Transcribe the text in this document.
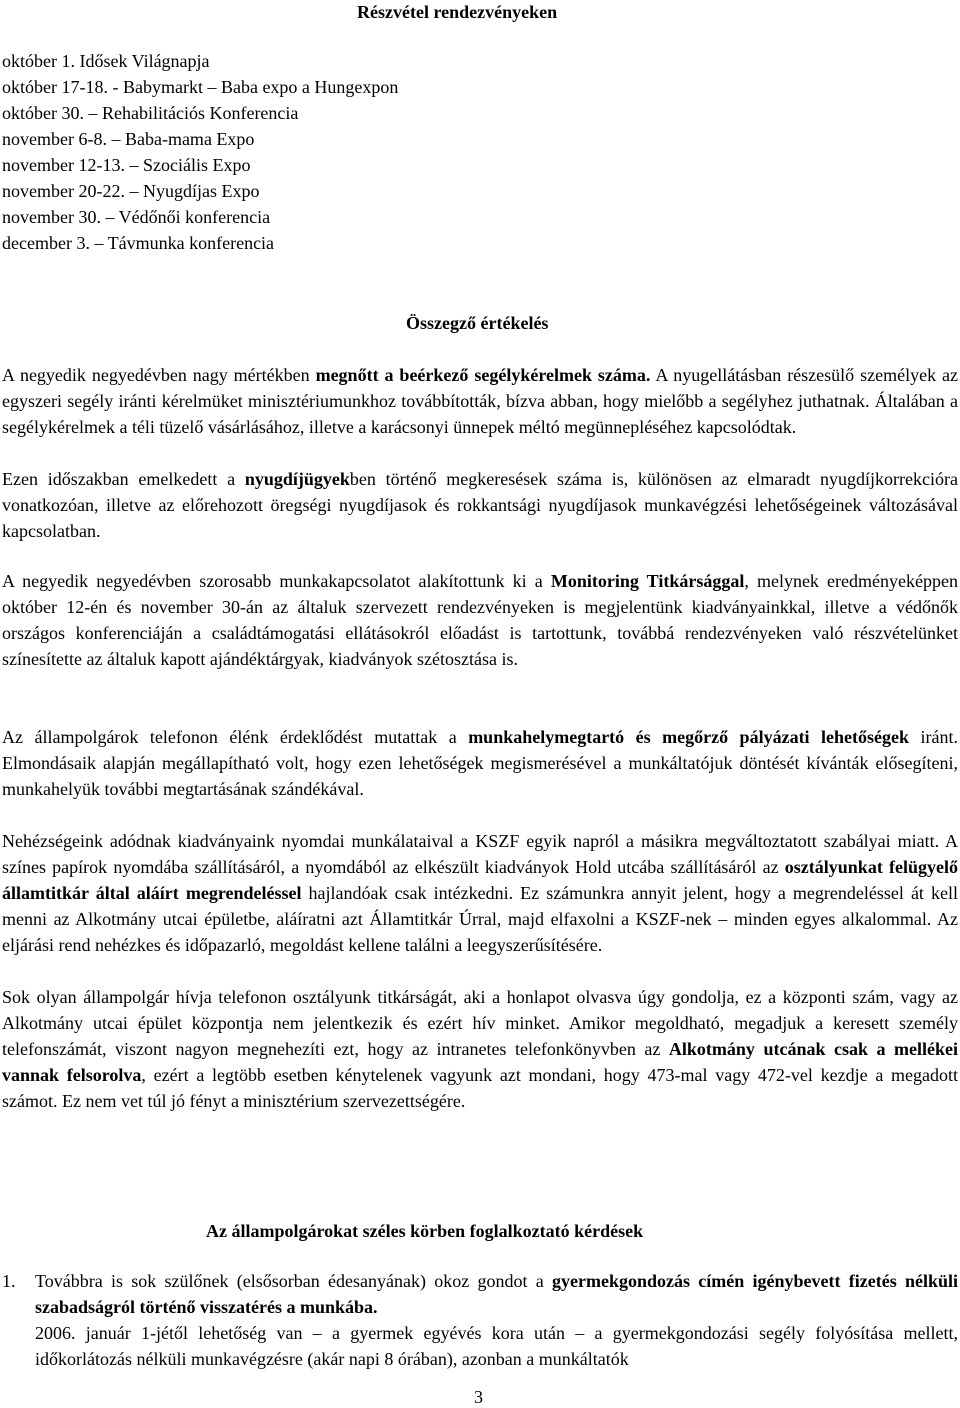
Részvétel rendezvényeken
október 1. Idősek Világnapja
október 17-18. - Babymarkt – Baba expo a Hungexpon
október 30. – Rehabilitációs Konferencia
november 6-8. – Baba-mama Expo
november 12-13. – Szociális Expo
november 20-22. – Nyugdíjas Expo
november 30. – Védőnői konferencia
december 3. – Távmunka konferencia
Összegző értékelés

A negyedik negyedévben nagy mértékben megnőtt a beérkező segélykérelmek száma. A nyugellátásban részesülő személyek az egyszeri segély iránti kérelmüket minisztériumunkhoz továbbították, bízva abban, hogy mielőbb a segélyhez juthatnak. Általában a segélykérelmek a téli tüzelő vásárlásához, illetve a karácsonyi ünnepek méltó megünnepléséhez kapcsolódtak.

Ezen időszakban emelkedett a nyugdíjügyekben történő megkeresések száma is, különösen az elmaradt nyugdíjkorrekcióra vonatkozóan, illetve az előrehozott öregségi nyugdíjasok és rokkantsági nyugdíjasok munkavégzési lehetőségeinek változásával kapcsolatban.

A negyedik negyedévben szorosabb munkakapcsolatot alakítottunk ki a Monitoring Titkársággal, melynek eredményeképpen október 12-én és november 30-án az általuk szervezett rendezvényeken is megjelentünk kiadványainkkal, illetve a védőnők országos konferenciáján a családtámogatási ellátásokról előadást is tartottunk, továbbá rendezvényeken való részvételünket színesítette az általuk kapott ajándéktárgyak, kiadványok szétosztása is.

Az állampolgárok telefonon élénk érdeklődést mutattak a munkahelymegtartó és megőrző pályázati lehetőségek iránt. Elmondásaik alapján megállapítható volt, hogy ezen lehetőségek megismerésével a munkáltatójuk döntését kívánták elősegíteni, munkahelyük további megtartásának szándékával.

Nehézségeink adódnak kiadványaink nyomdai munkálataival a KSZF egyik napról a másikra megváltoztatott szabályai miatt. A színes papírok nyomdába szállításáról, a nyomdából az elkészült kiadványok Hold utcába szállításáról az osztályunkat felügyelő államtitkár által aláírt megrendeléssel hajlandóak csak intézkedni. Ez számunkra annyit jelent, hogy a megrendeléssel át kell menni az Alkotmány utcai épületbe, aláíratni azt Államtitkár Úrral, majd elfaxolni a KSZF-nek – minden egyes alkalommal. Az eljárási rend nehézkes és időpazarló, megoldást kellene találni a leegyszerűsítésére.

Sok olyan állampolgár hívja telefonon osztályunk titkárságát, aki a honlapot olvasva úgy gondolja, ez a központi szám, vagy az Alkotmány utcai épület központja nem jelentkezik és ezért hív minket. Amikor megoldható, megadjuk a keresett személy telefonszámát, viszont nagyon megnehezíti ezt, hogy az intranetes telefonkönyvben az Alkotmány utcának csak a mellékei vannak felsorolva, ezért a legtöbb esetben kénytelenek vagyunk azt mondani, hogy 473-mal vagy 472-vel kezdje a megadott számot. Ez nem vet túl jó fényt a minisztérium szervezettségére.

Az állampolgárokat széles körben foglalkoztató kérdések
1. Továbbra is sok szülőnek (elsősorban édesanyának) okoz gondot a gyermekgondozás címén igénybevett fizetés nélküli szabadságról történő visszatérés a munkába.
2006. január 1-jétől lehetőség van – a gyermek egyévés kora után – a gyermekgondozási segély folyósítása mellett, időkorlátozás nélküli munkavégzésre (akár napi 8 órában), azonban a munkáltatók
3
